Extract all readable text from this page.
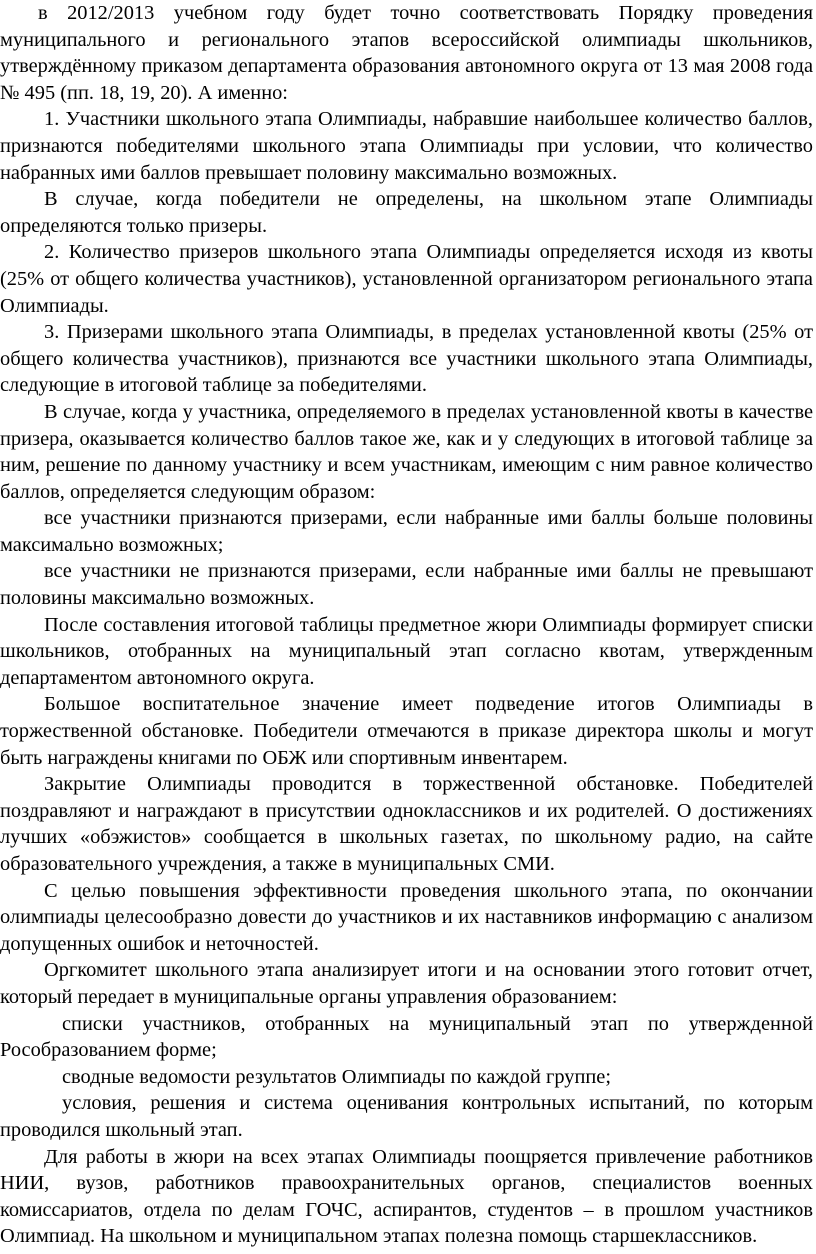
в 2012/2013 учебном году будет точно соответствовать Порядку проведения муниципального и регионального этапов всероссийской олимпиады школьников, утверждённому приказом департамента образования автономного округа от 13 мая 2008 года № 495 (пп. 18, 19, 20). А именно:

1. Участники школьного этапа Олимпиады, набравшие наибольшее количество баллов, признаются победителями школьного этапа Олимпиады при условии, что количество набранных ими баллов превышает половину максимально возможных.

В случае, когда победители не определены, на школьном этапе Олимпиады определяются только призеры.

2. Количество призеров школьного этапа Олимпиады определяется исходя из квоты (25% от общего количества участников), установленной организатором регионального этапа Олимпиады.

3. Призерами школьного этапа Олимпиады, в пределах установленной квоты (25% от общего количества участников), признаются все участники школьного этапа Олимпиады, следующие в итоговой таблице за победителями.

В случае, когда у участника, определяемого в пределах установленной квоты в качестве призера, оказывается количество баллов такое же, как и у следующих в итоговой таблице за ним, решение по данному участнику и всем участникам, имеющим с ним равное количество баллов, определяется следующим образом:

все участники признаются призерами, если набранные ими баллы больше половины максимально возможных;

все участники не признаются призерами, если набранные ими баллы не превышают половины максимально возможных.

После составления итоговой таблицы предметное жюри Олимпиады формирует списки школьников, отобранных на муниципальный этап согласно квотам, утвержденным департаментом автономного округа.

Большое воспитательное значение имеет подведение итогов Олимпиады в торжественной обстановке. Победители отмечаются в приказе директора школы и могут быть награждены книгами по ОБЖ или спортивным инвентарем.

Закрытие Олимпиады проводится в торжественной обстановке. Победителей поздравляют и награждают в присутствии одноклассников и их родителей. О достижениях лучших «обэжистов» сообщается в школьных газетах, по школьному радио, на сайте образовательного учреждения, а также в муниципальных СМИ.

С целью повышения эффективности проведения школьного этапа, по окончании олимпиады целесообразно довести до участников и их наставников информацию с анализом допущенных ошибок и неточностей.

Оргкомитет школьного этапа анализирует итоги и на основании этого готовит отчет, который передает в муниципальные органы управления образованием:

списки участников, отобранных на муниципальный этап по утвержденной Рособразованием форме;

сводные ведомости результатов Олимпиады по каждой группе;

условия, решения и система оценивания контрольных испытаний, по которым проводился школьный этап.

Для работы в жюри на всех этапах Олимпиады поощряется привлечение работников НИИ, вузов, работников правоохранительных органов, специалистов военных комиссариатов, отдела по делам ГОЧС, аспирантов, студентов – в прошлом участников Олимпиад. На школьном и муниципальном этапах полезна помощь старшеклассников.
